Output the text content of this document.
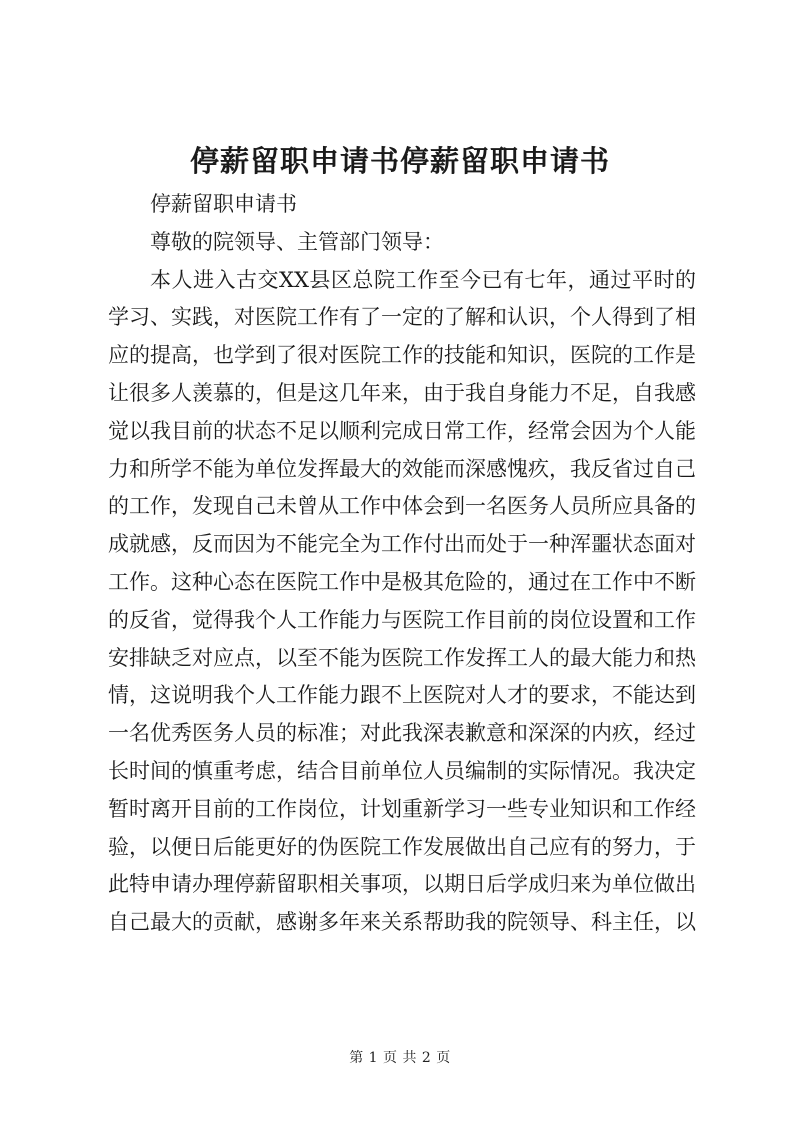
停薪留职申请书停薪留职申请书
停薪留职申请书
尊敬的院领导、主管部门领导：
本人进入古交XX县区总院工作至今已有七年，通过平时的
学习、实践，对医院工作有了一定的了解和认识，个人得到了相
应的提高，也学到了很对医院工作的技能和知识，医院的工作是
让很多人羡慕的，但是这几年来，由于我自身能力不足，自我感
觉以我目前的状态不足以顺利完成日常工作，经常会因为个人能
力和所学不能为单位发挥最大的效能而深感愧疚，我反省过自己
的工作，发现自己未曾从工作中体会到一名医务人员所应具备的
成就感，反而因为不能完全为工作付出而处于一种浑噩状态面对
工作。这种心态在医院工作中是极其危险的，通过在工作中不断
的反省，觉得我个人工作能力与医院工作目前的岗位设置和工作
安排缺乏对应点，以至不能为医院工作发挥工人的最大能力和热
情，这说明我个人工作能力跟不上医院对人才的要求，不能达到
一名优秀医务人员的标准；对此我深表歉意和深深的内疚，经过
长时间的慎重考虑，结合目前单位人员编制的实际情况。我决定
暂时离开目前的工作岗位，计划重新学习一些专业知识和工作经
验，以便日后能更好的伪医院工作发展做出自己应有的努力，于
此特申请办理停薪留职相关事项，以期日后学成归来为单位做出
自己最大的贡献，感谢多年来关系帮助我的院领导、科主任，以
第 1 页 共 2 页
